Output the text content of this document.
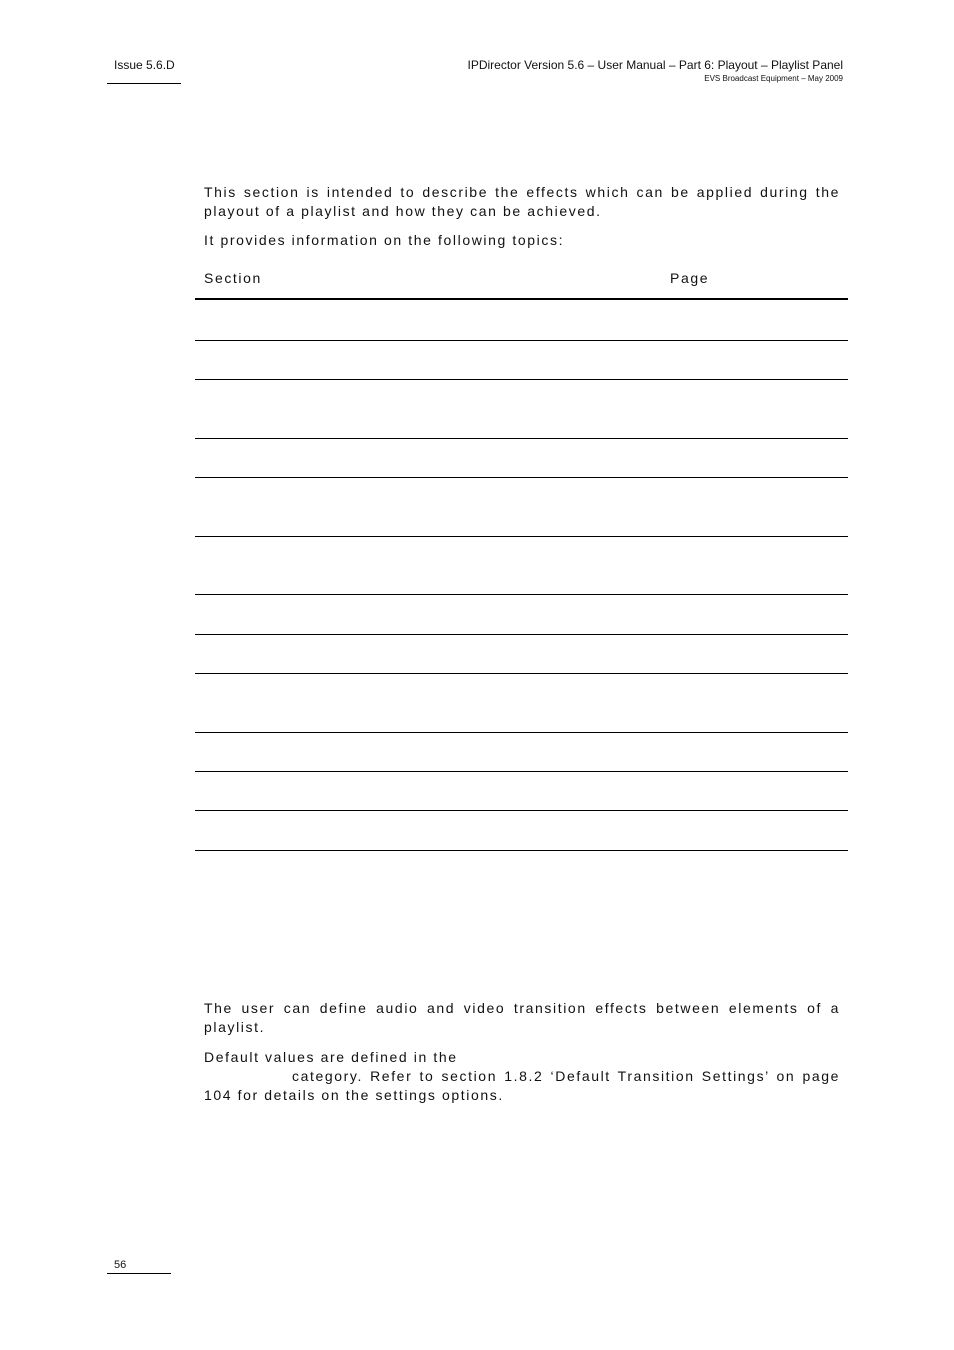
Issue 5.6.D	IPDirector Version 5.6 – User Manual – Part 6: Playout – Playlist Panel
EVS Broadcast Equipment – May 2009
This section is intended to describe the effects which can be applied during the playout of a playlist and how they can be achieved.
It provides information on the following topics:
Section	Page
The user can define audio and video transition effects between elements of a playlist.
Default values are defined in the
category. Refer to section 1.8.2 ‘Default Transition Settings’ on page 104 for details on the settings options.
56
